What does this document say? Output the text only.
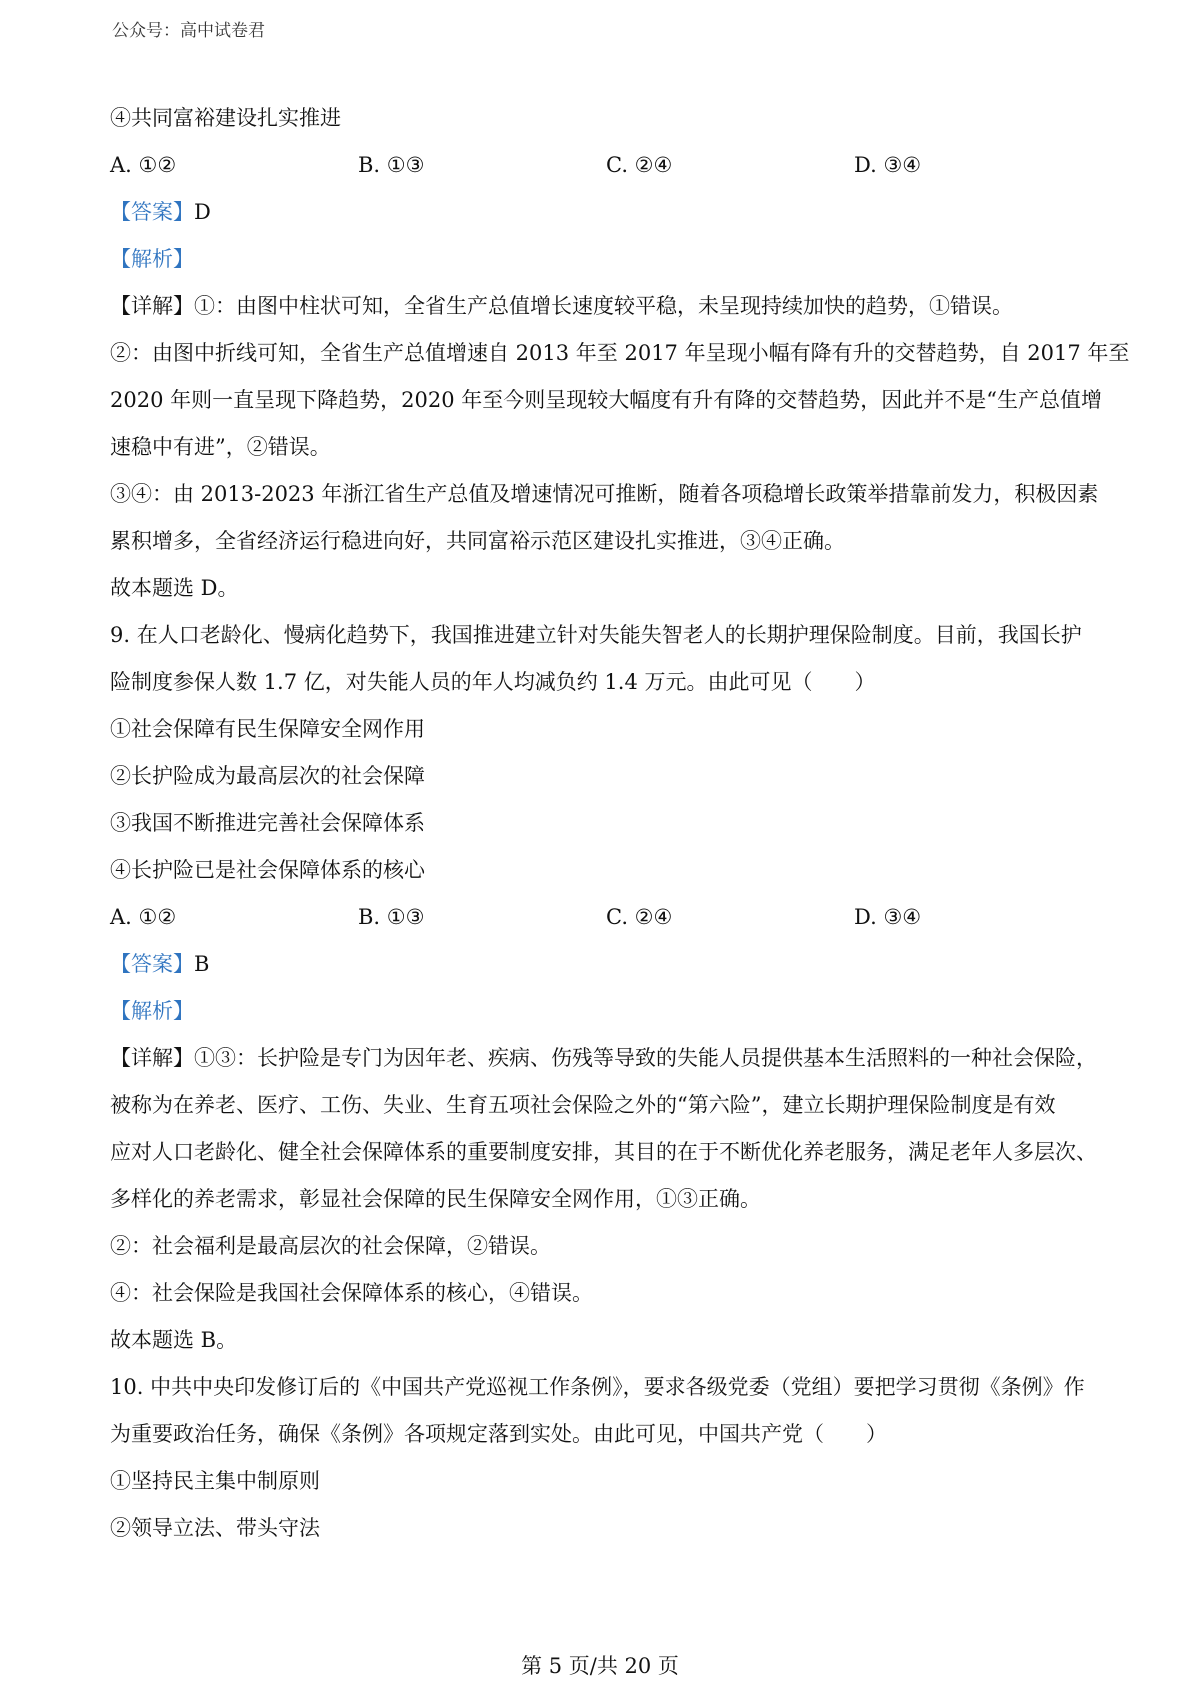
公众号：高中试卷君
④共同富裕建设扎实推进
A. ①②	B. ①③	C. ②④	D. ③④
【答案】D
【解析】
【详解】①：由图中柱状可知，全省生产总值增长速度较平稳，未呈现持续加快的趋势，①错误。
②：由图中折线可知，全省生产总值增速自 2013 年至 2017 年呈现小幅有降有升的交替趋势，自 2017 年至
2020 年则一直呈现下降趋势，2020 年至今则呈现较大幅度有升有降的交替趋势，因此并不是“生产总值增
速稳中有进”，②错误。
③④：由 2013-2023 年浙江省生产总值及增速情况可推断，随着各项稳增长政策举措靠前发力，积极因素
累积增多，全省经济运行稳进向好，共同富裕示范区建设扎实推进，③④正确。
故本题选 D。
9. 在人口老龄化、慢病化趋势下，我国推进建立针对失能失智老人的长期护理保险制度。目前，我国长护
险制度参保人数 1.7 亿，对失能人员的年人均减负约 1.4 万元。由此可见（　　）
①社会保障有民生保障安全网作用
②长护险成为最高层次的社会保障
③我国不断推进完善社会保障体系
④长护险已是社会保障体系的核心
A. ①②	B. ①③	C. ②④	D. ③④
【答案】B
【解析】
【详解】①③：长护险是专门为因年老、疾病、伤残等导致的失能人员提供基本生活照料的一种社会保险，
被称为在养老、医疗、工伤、失业、生育五项社会保险之外的“第六险”，建立长期护理保险制度是有效
应对人口老龄化、健全社会保障体系的重要制度安排，其目的在于不断优化养老服务，满足老年人多层次、
多样化的养老需求，彰显社会保障的民生保障安全网作用，①③正确。
②：社会福利是最高层次的社会保障，②错误。
④：社会保险是我国社会保障体系的核心，④错误。
故本题选 B。
10. 中共中央印发修订后的《中国共产党巡视工作条例》，要求各级党委（党组）要把学习贯彻《条例》作
为重要政治任务，确保《条例》各项规定落到实处。由此可见，中国共产党（　　）
①坚持民主集中制原则
②领导立法、带头守法
第 5 页/共 20 页
